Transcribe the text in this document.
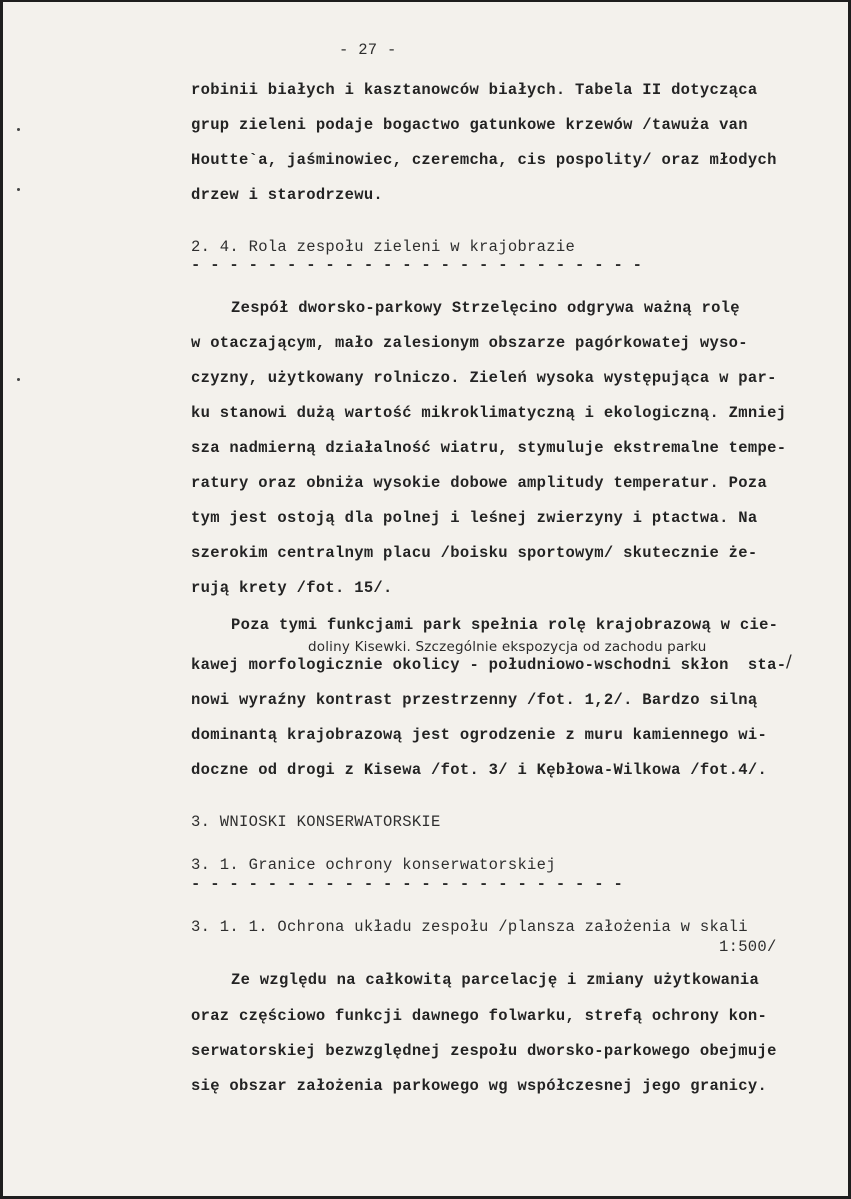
- 27 -
robinii białych i kasztanowców białych. Tabela II dotycząca
grup zieleni podaje bogactwo gatunkowe krzewów /tawuża van
Houtte`a, jaśminowiec, czeremcha, cis pospolity/ oraz młodych
drzew i starodrzewu.
2. 4. Rola zespołu zieleni w krajobrazie
- - - - - - - - - - - - - - - - - - - - - - - -
Zespół dworsko-parkowy Strzelęcino odgrywa ważną rolę
w otaczającym, mało zalesionym obszarze pagórkowatej wyso-
czyzny, użytkowany rolniczo. Zieleń wysoka występująca w par-
ku stanowi dużą wartość mikroklimatyczną i ekologiczną. Zmniej
sza nadmierną działalność wiatru, stymuluje ekstremalne tempe-
ratury oraz obniża wysokie dobowe amplitudy temperatur. Poza
tym jest ostoją dla polnej i leśnej zwierzyny i ptactwa. Na
szerokim centralnym placu /boisku sportowym/ skutecznie że-
rują krety /fot. 15/.
Poza tymi funkcjami park spełnia rolę krajobrazową w cie-
doliny Kisewki. Szczególnie ekspozycja od zachodu parku
kawej morfologicznie okolicy - południowo-wschodni skłon  sta- /
nowi wyraźny kontrast przestrzenny /fot. 1,2/. Bardzo silną
dominantą krajobrazową jest ogrodzenie z muru kamiennego wi-
doczne od drogi z Kisewa /fot. 3/ i Kębłowa-Wilkowa /fot.4/.
3. WNIOSKI KONSERWATORSKIE
3. 1. Granice ochrony konserwatorskiej
- - - - - - - - - - - - - - - - - - - - - - -
3. 1. 1. Ochrona układu zespołu /plansza założenia w skali
1:500/
Ze względu na całkowitą parcelację i zmiany użytkowania
oraz częściowo funkcji dawnego folwarku, strefą ochrony kon-
serwatorskiej bezwzględnej zespołu dworsko-parkowego obejmuje
się obszar założenia parkowego wg współczesnej jego granicy.
